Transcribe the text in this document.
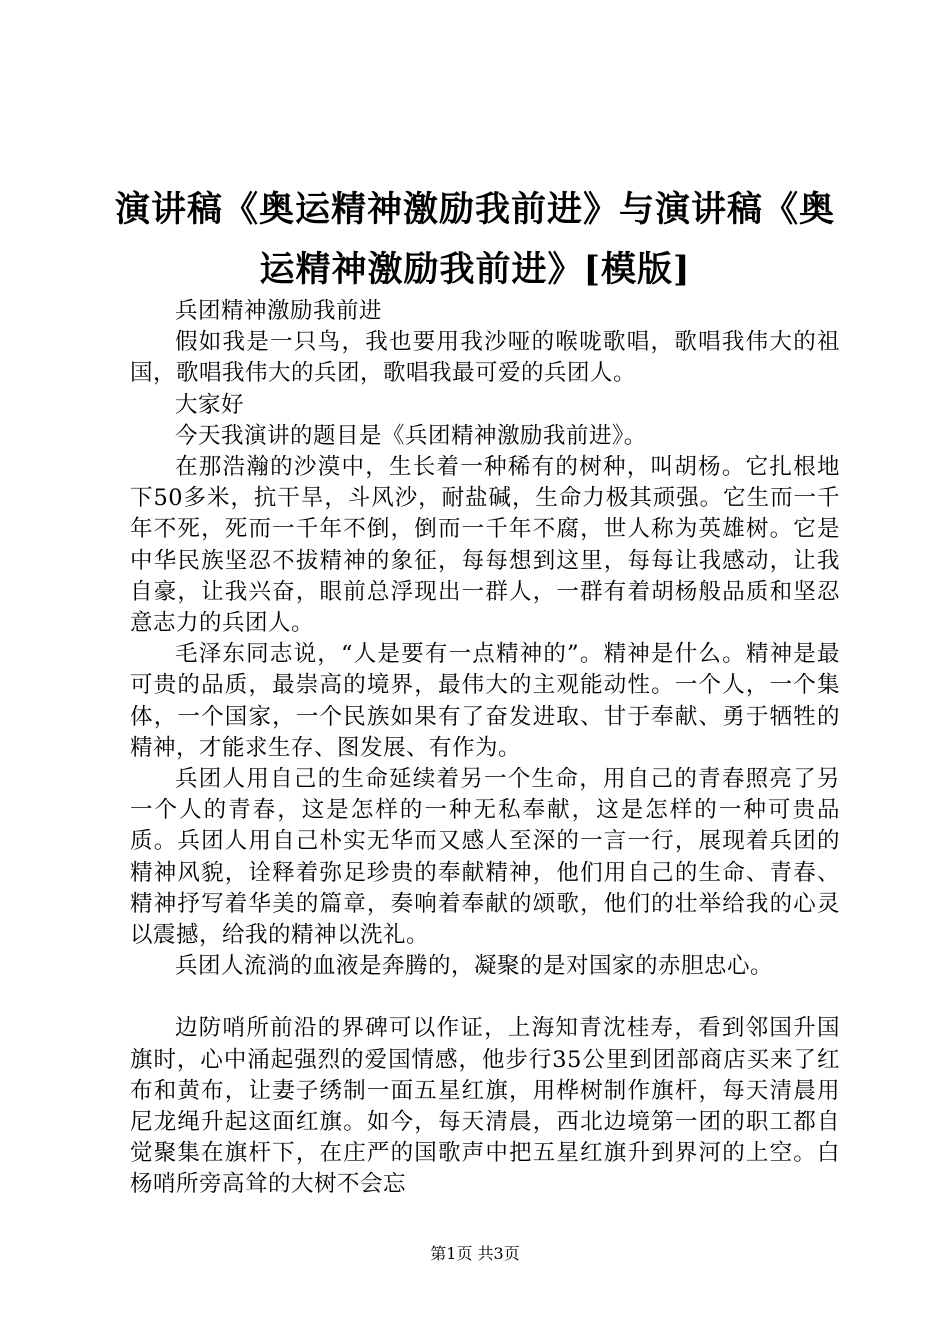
演讲稿《奥运精神激励我前进》与演讲稿《奥运精神激励我前进》[模版]

兵团精神激励我前进

假如我是一只鸟，我也要用我沙哑的喉咙歌唱，歌唱我伟大的祖国，歌唱我伟大的兵团，歌唱我最可爱的兵团人。

大家好

今天我演讲的题目是《兵团精神激励我前进》。

在那浩瀚的沙漠中，生长着一种稀有的树种，叫胡杨。它扎根地下50多米，抗干旱，斗风沙，耐盐碱，生命力极其顽强。它生而一千年不死，死而一千年不倒，倒而一千年不腐，世人称为英雄树。它是中华民族坚忍不拔精神的象征，每每想到这里，每每让我感动，让我自豪，让我兴奋，眼前总浮现出一群人，一群有着胡杨般品质和坚忍意志力的兵团人。

毛泽东同志说，“人是要有一点精神的”。精神是什么。精神是最可贵的品质，最崇高的境界，最伟大的主观能动性。一个人，一个集体，一个国家，一个民族如果有了奋发进取、甘于奉献、勇于牺牲的精神，才能求生存、图发展、有作为。

兵团人用自己的生命延续着另一个生命，用自己的青春照亮了另一个人的青春，这是怎样的一种无私奉献，这是怎样的一种可贵品质。兵团人用自己朴实无华而又感人至深的一言一行，展现着兵团的精神风貌，诠释着弥足珍贵的奉献精神，他们用自己的生命、青春、精神抒写着华美的篇章，奏响着奉献的颂歌，他们的壮举给我的心灵以震撼，给我的精神以洗礼。

兵团人流淌的血液是奔腾的，凝聚的是对国家的赤胆忠心。

边防哨所前沿的界碑可以作证，上海知青沈桂寿，看到邻国升国旗时，心中涌起强烈的爱国情感，他步行35公里到团部商店买来了红布和黄布，让妻子绣制一面五星红旗，用桦树制作旗杆，每天清晨用尼龙绳升起这面红旗。如今，每天清晨，西北边境第一团的职工都自觉聚集在旗杆下，在庄严的国歌声中把五星红旗升到界河的上空。白杨哨所旁高耸的大树不会忘

第1页 共3页
